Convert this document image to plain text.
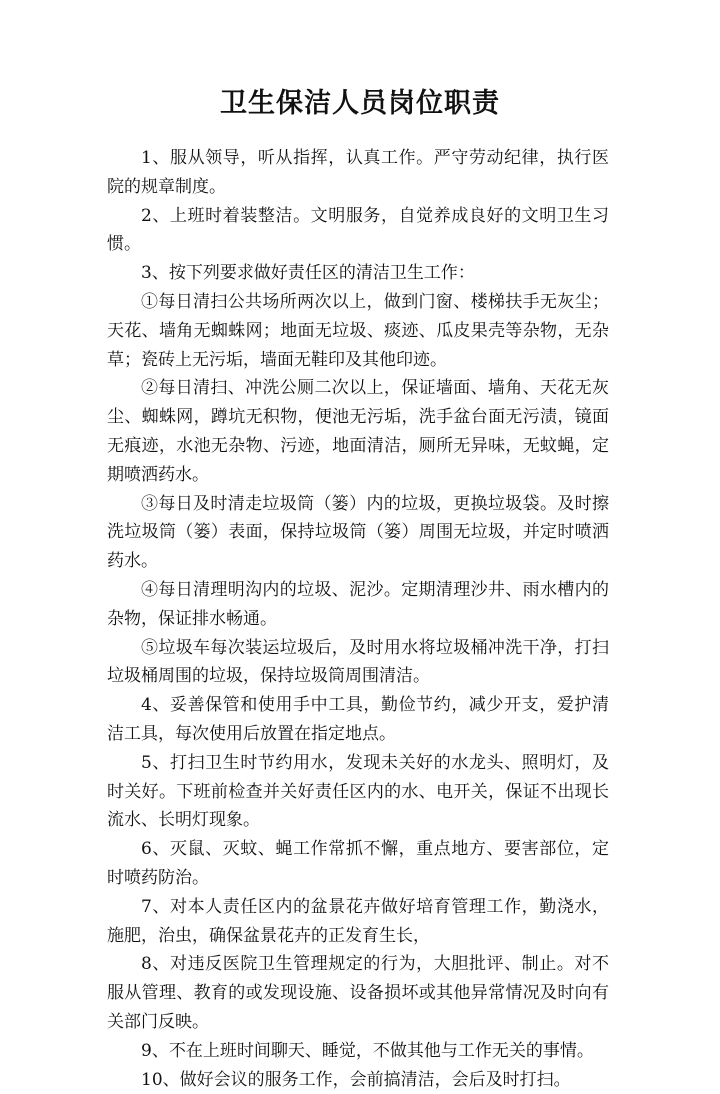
卫生保洁人员岗位职责

1、服从领导，听从指挥，认真工作。严守劳动纪律，执行医院的规章制度。

2、上班时着装整洁。文明服务，自觉养成良好的文明卫生习惯。

3、按下列要求做好责任区的清洁卫生工作：

①每日清扫公共场所两次以上，做到门窗、楼梯扶手无灰尘；天花、墙角无蜘蛛网；地面无垃圾、痰迹、瓜皮果壳等杂物，无杂草；瓷砖上无污垢，墙面无鞋印及其他印迹。

②每日清扫、冲洗公厕二次以上，保证墙面、墙角、天花无灰尘、蜘蛛网，蹲坑无积物，便池无污垢，洗手盆台面无污渍，镜面无痕迹，水池无杂物、污迹，地面清洁，厕所无异味，无蚊蝇，定期喷洒药水。

③每日及时清走垃圾筒（篓）内的垃圾，更换垃圾袋。及时擦洗垃圾筒（篓）表面，保持垃圾筒（篓）周围无垃圾，并定时喷洒药水。

④每日清理明沟内的垃圾、泥沙。定期清理沙井、雨水槽内的杂物，保证排水畅通。

⑤垃圾车每次装运垃圾后，及时用水将垃圾桶冲洗干净，打扫垃圾桶周围的垃圾，保持垃圾筒周围清洁。

4、妥善保管和使用手中工具，勤俭节约，减少开支，爱护清洁工具，每次使用后放置在指定地点。

5、打扫卫生时节约用水，发现未关好的水龙头、照明灯，及时关好。下班前检查并关好责任区内的水、电开关，保证不出现长流水、长明灯现象。

6、灭鼠、灭蚊、蝇工作常抓不懈，重点地方、要害部位，定时喷药防治。

7、对本人责任区内的盆景花卉做好培育管理工作，勤浇水，施肥，治虫，确保盆景花卉的正发育生长，

8、对违反医院卫生管理规定的行为，大胆批评、制止。对不服从管理、教育的或发现设施、设备损坏或其他异常情况及时向有关部门反映。

9、不在上班时间聊天、睡觉，不做其他与工作无关的事情。

10、做好会议的服务工作，会前搞清洁，会后及时打扫。
